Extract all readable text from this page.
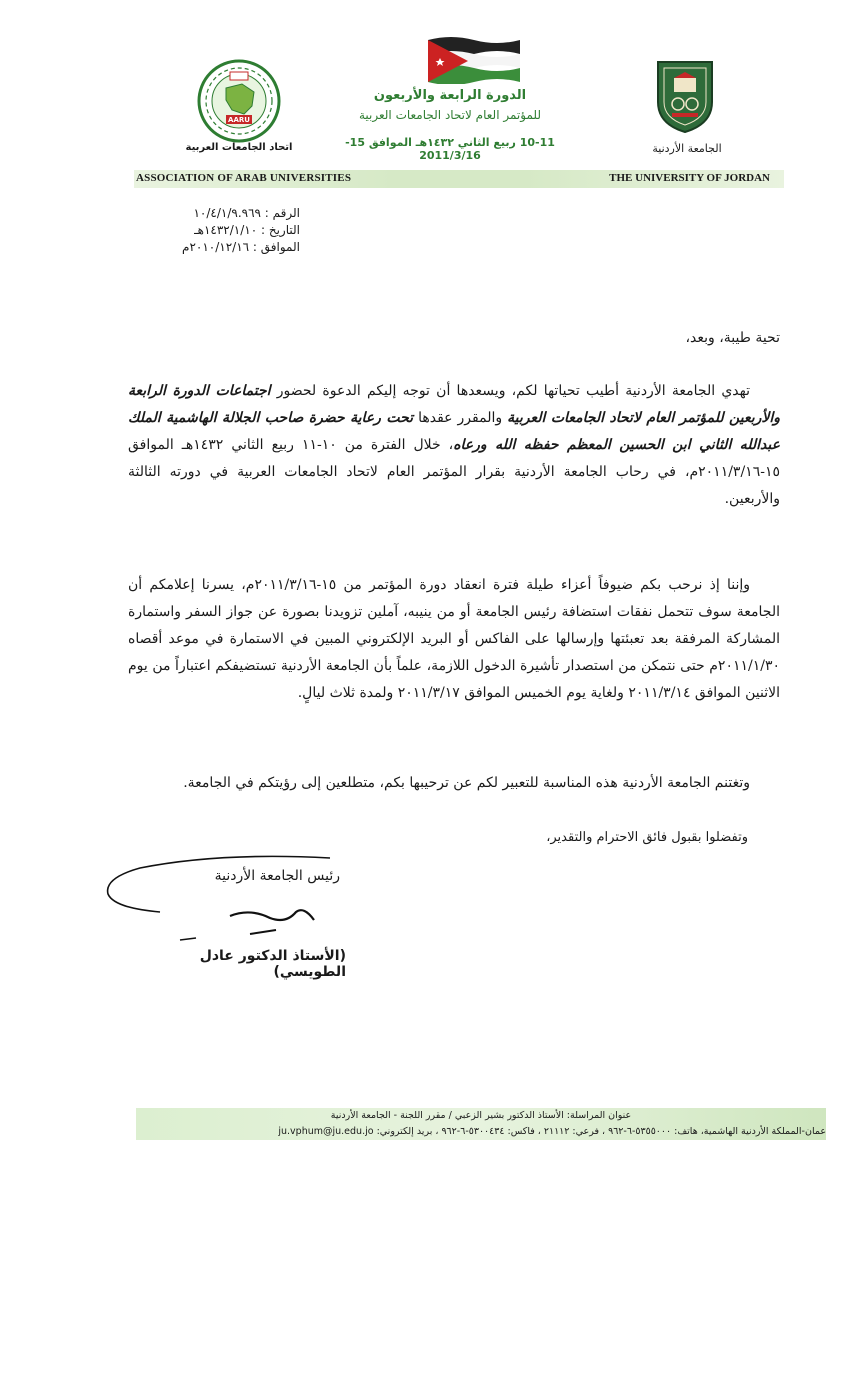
AARU
اتحاد الجامعات العربية
الدورة الرابعة والأربعون
للمؤتمر العام لاتحاد الجامعات العربية
10-11 ربيع الثاني ١٤٣٢هـ الموافق 15-2011/3/16
الجامعة الأردنية
ASSOCIATION OF ARAB UNIVERSITIES	THE UNIVERSITY OF JORDAN
الرقم : ١٠/٤/١/٩.٩٦٩
التاريخ : ١٤٣٢/١/١٠هـ
الموافق : ٢٠١٠/١٢/١٦م
تحية طيبة، وبعد،
تهدي الجامعة الأردنية أطيب تحياتها لكم، ويسعدها أن توجه إليكم الدعوة لحضور اجتماعات الدورة الرابعة والأربعين للمؤتمر العام لاتحاد الجامعات العربية والمقرر عقدها تحت رعاية حضرة صاحب الجلالة الهاشمية الملك عبدالله الثاني ابن الحسين المعظم حفظه الله ورعاه، خلال الفترة من ١٠-١١ ربيع الثاني ١٤٣٢هـ الموافق ١٥-٢٠١١/٣/١٦م، في رحاب الجامعة الأردنية بقرار المؤتمر العام لاتحاد الجامعات العربية في دورته الثالثة والأربعين.
وإننا إذ نرحب بكم ضيوفاً أعزاء طيلة فترة انعقاد دورة المؤتمر من ١٥-٢٠١١/٣/١٦م، يسرنا إعلامكم أن الجامعة سوف تتحمل نفقات استضافة رئيس الجامعة أو من ينيبه، آملين تزويدنا بصورة عن جواز السفر واستمارة المشاركة المرفقة بعد تعبئتها وإرسالها على الفاكس أو البريد الإلكتروني المبين في الاستمارة في موعد أقصاه ٢٠١١/١/٣٠م حتى نتمكن من استصدار تأشيرة الدخول اللازمة، علماً بأن الجامعة الأردنية تستضيفكم اعتباراً من يوم الاثنين الموافق ٢٠١١/٣/١٤ ولغاية يوم الخميس الموافق ٢٠١١/٣/١٧ ولمدة ثلاث ليالٍ.
وتغتنم الجامعة الأردنية هذه المناسبة للتعبير لكم عن ترحيبها بكم، متطلعين إلى رؤيتكم في الجامعة.
وتفضلوا بقبول فائق الاحترام والتقدير،
رئيس الجامعة الأردنية
(الأستاذ الدكتور عادل الطويسي)
عنوان المراسلة: الأستاذ الدكتور بشير الزعبي / مقرر اللجنة - الجامعة الأردنية
عمان-المملكة الأردنية الهاشمية، هاتف: ٥٣٥٥٠٠٠-٦-٩٦٢ ، فرعي: ٢١١١٢ ، فاكس: ٥٣٠٠٤٣٤-٦-٩٦٢ ، بريد إلكتروني: ju.vphum@ju.edu.jo
